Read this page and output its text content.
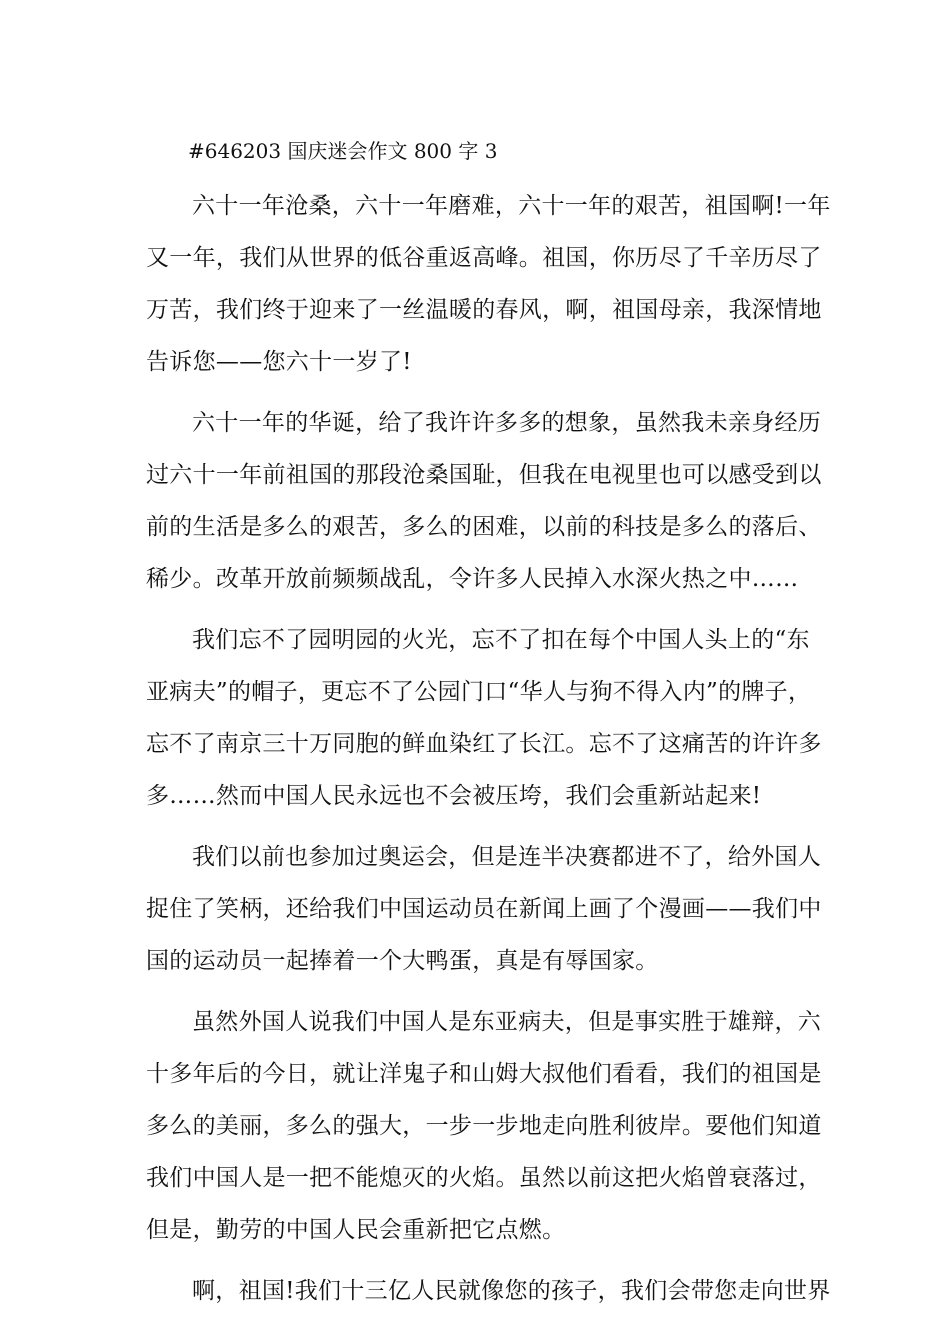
#646203 国庆迷会作文 800 字 3

六十一年沧桑，六十一年磨难，六十一年的艰苦，祖国啊!一年
又一年，我们从世界的低谷重返高峰。祖国，你历尽了千辛历尽了
万苦，我们终于迎来了一丝温暖的春风，啊，祖国母亲，我深情地
告诉您——您六十一岁了!

六十一年的华诞，给了我许许多多的想象，虽然我未亲身经历
过六十一年前祖国的那段沧桑国耻，但我在电视里也可以感受到以
前的生活是多么的艰苦，多么的困难，以前的科技是多么的落后、
稀少。改革开放前频频战乱，令许多人民掉入水深火热之中……

我们忘不了园明园的火光，忘不了扣在每个中国人头上的“东
亚病夫”的帽子，更忘不了公园门口“华人与狗不得入内”的牌子，
忘不了南京三十万同胞的鲜血染红了长江。忘不了这痛苦的许许多
多……然而中国人民永远也不会被压垮，我们会重新站起来!

我们以前也参加过奥运会，但是连半决赛都进不了，给外国人
捉住了笑柄，还给我们中国运动员在新闻上画了个漫画——我们中
国的运动员一起捧着一个大鸭蛋，真是有辱国家。

虽然外国人说我们中国人是东亚病夫，但是事实胜于雄辩，六
十多年后的今日，就让洋鬼子和山姆大叔他们看看，我们的祖国是
多么的美丽，多么的强大，一步一步地走向胜利彼岸。要他们知道
我们中国人是一把不能熄灭的火焰。虽然以前这把火焰曾衰落过，
但是，勤劳的中国人民会重新把它点燃。

啊，祖国!我们十三亿人民就像您的孩子，我们会带您走向世界
